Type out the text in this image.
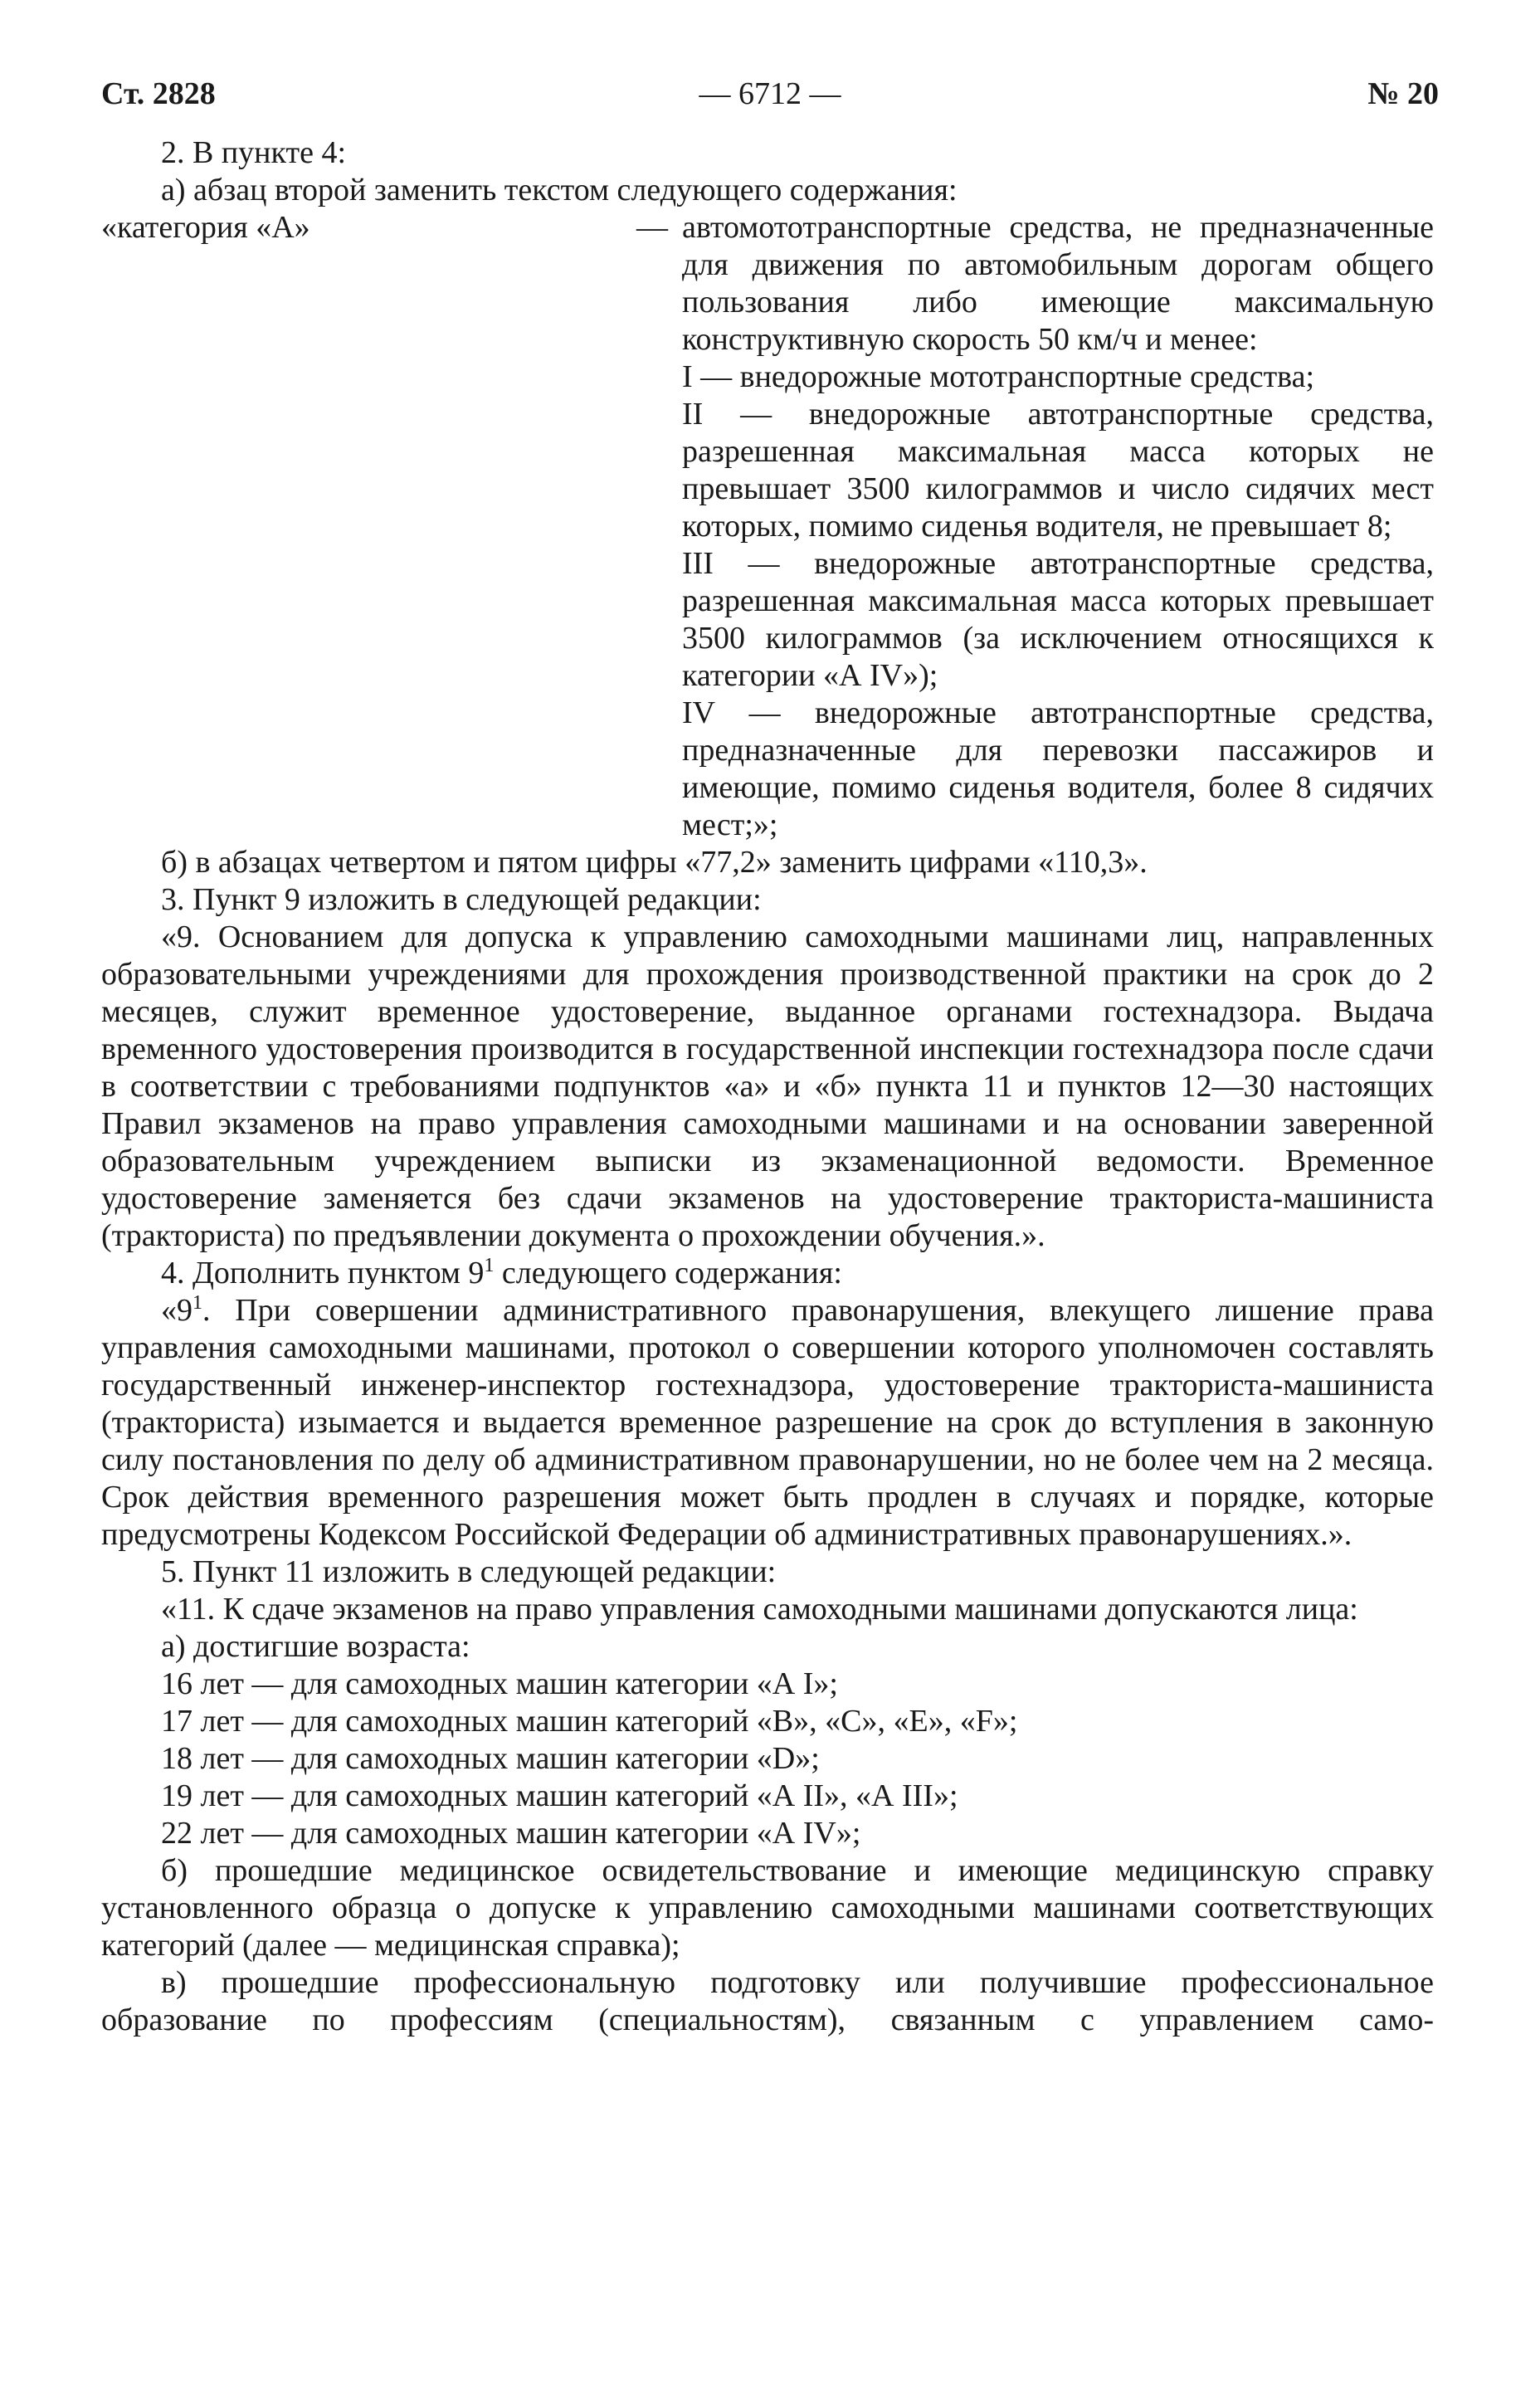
Ст. 2828	— 6712 —	№ 20

2. В пункте 4:

а) абзац второй заменить текстом следующего содержания:

«категория «А»	— автомототранспортные средства, не предназначенные для движения по автомобильным дорогам общего пользования либо имеющие максимальную конструктивную скорость 50 км/ч и менее:

I — внедорожные мототранспортные средства;

II — внедорожные автотранспортные средства, разрешенная максимальная масса которых не превышает 3500 килограммов и число сидячих мест которых, помимо сиденья водителя, не превышает 8;

III — внедорожные автотранспортные средства, разрешенная максимальная масса которых превышает 3500 килограммов (за исключением относящихся к категории «А IV»);

IV — внедорожные автотранспортные средства, предназначенные для перевозки пассажиров и имеющие, помимо сиденья водителя, более 8 сидячих мест;»;

б) в абзацах четвертом и пятом цифры «77,2» заменить цифрами «110,3».

3. Пункт 9 изложить в следующей редакции:

«9. Основанием для допуска к управлению самоходными машинами лиц, направленных образовательными учреждениями для прохождения производственной практики на срок до 2 месяцев, служит временное удостоверение, выданное органами гостехнадзора. Выдача временного удостоверения производится в государственной инспекции гостехнадзора после сдачи в соответствии с требованиями подпунктов «а» и «б» пункта 11 и пунктов 12—30 настоящих Правил экзаменов на право управления самоходными машинами и на основании заверенной образовательным учреждением выписки из экзаменационной ведомости. Временное удостоверение заменяется без сдачи экзаменов на удостоверение тракториста-машиниста (тракториста) по предъявлении документа о прохождении обучения.».

4. Дополнить пунктом $9^1$ следующего содержания:

«$9^1$. При совершении административного правонарушения, влекущего лишение права управления самоходными машинами, протокол о совершении которого уполномочен составлять государственный инженер-инспектор гостехнадзора, удостоверение тракториста-машиниста (тракториста) изымается и выдается временное разрешение на срок до вступления в законную силу постановления по делу об административном правонарушении, но не более чем на 2 месяца. Срок действия временного разрешения может быть продлен в случаях и порядке, которые предусмотрены Кодексом Российской Федерации об административных правонарушениях.».

5. Пункт 11 изложить в следующей редакции:

«11. К сдаче экзаменов на право управления самоходными машинами допускаются лица:

а) достигшие возраста:

16 лет — для самоходных машин категории «А I»;

17 лет — для самоходных машин категорий «B», «C», «E», «F»;

18 лет — для самоходных машин категории «D»;

19 лет — для самоходных машин категорий «А II», «А III»;

22 лет — для самоходных машин категории «А IV»;

б) прошедшие медицинское освидетельствование и имеющие медицинскую справку установленного образца о допуске к управлению самоходными машинами соответствующих категорий (далее — медицинская справка);

в) прошедшие профессиональную подготовку или получившие профессиональное образование по профессиям (специальностям), связанным с управлением само-
